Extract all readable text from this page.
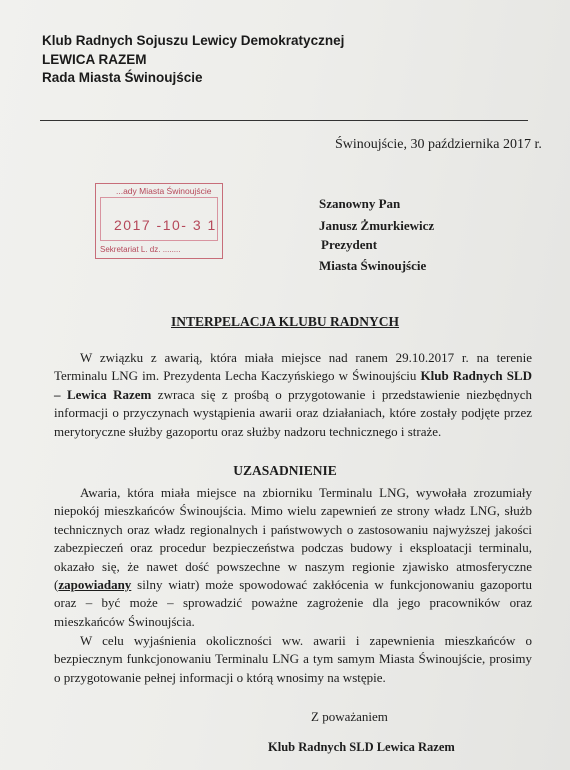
Klub Radnych Sojuszu Lewicy Demokratycznej
LEWICA RAZEM
Rada Miasta Świnoujście
Świnoujście, 30 października 2017 r.
...ady Miasta Świnoujście
2017 -10- 3 1
Sekretariat L. dz. ........
Szanowny Pan
Janusz Żmurkiewicz
Prezydent
Miasta Świnoujście
INTERPELACJA KLUBU RADNYCH
W związku z awarią, która miała miejsce nad ranem 29.10.2017 r. na terenie Terminalu LNG im. Prezydenta Lecha Kaczyńskiego w Świnoujściu Klub Radnych SLD – Lewica Razem zwraca się z prośbą o przygotowanie i przedstawienie niezbędnych informacji o przyczynach wystąpienia awarii oraz działaniach, które zostały podjęte przez merytoryczne służby gazoportu oraz służby nadzoru technicznego i straże.
UZASADNIENIE
Awaria, która miała miejsce na zbiorniku Terminalu LNG, wywołała zrozumiały niepokój mieszkańców Świnoujścia. Mimo wielu zapewnień ze strony władz LNG, służb technicznych oraz władz regionalnych i państwowych o zastosowaniu najwyższej jakości zabezpieczeń oraz procedur bezpieczeństwa podczas budowy i eksploatacji terminalu, okazało się, że nawet dość powszechne w naszym regionie zjawisko atmosferyczne (zapowiadany silny wiatr) może spowodować zakłócenia w funkcjonowaniu gazoportu oraz – być może – sprowadzić poważne zagrożenie dla jego pracowników oraz mieszkańców Świnoujścia.
W celu wyjaśnienia okoliczności ww. awarii i zapewnienia mieszkańców o bezpiecznym funkcjonowaniu Terminalu LNG a tym samym Miasta Świnoujście, prosimy o przygotowanie pełnej informacji o którą wnosimy na wstępie.
Z poważaniem
Klub Radnych SLD Lewica Razem
